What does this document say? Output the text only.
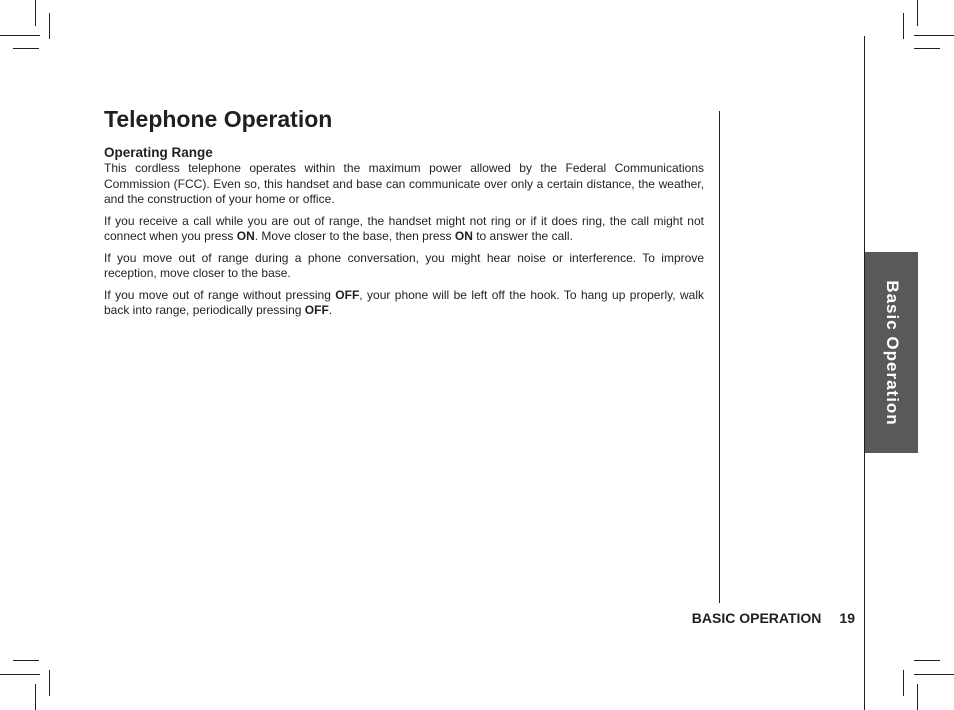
Basic Operation
Telephone Operation
Operating Range

This cordless telephone operates within the maximum power allowed by the Federal Communications Commission (FCC). Even so, this handset and base can communicate over only a certain distance, the weather, and the construction of your home or office.

If you receive a call while you are out of range, the handset might not ring or if it does ring, the call might not connect when you press ON. Move closer to the base, then press ON to answer the call.

If you move out of range during a phone conversation, you might hear noise or interference. To improve reception, move closer to the base.

If you move out of range without pressing OFF, your phone will be left off the hook. To hang up properly, walk back into range, periodically pressing OFF.

BASIC OPERATION 19
